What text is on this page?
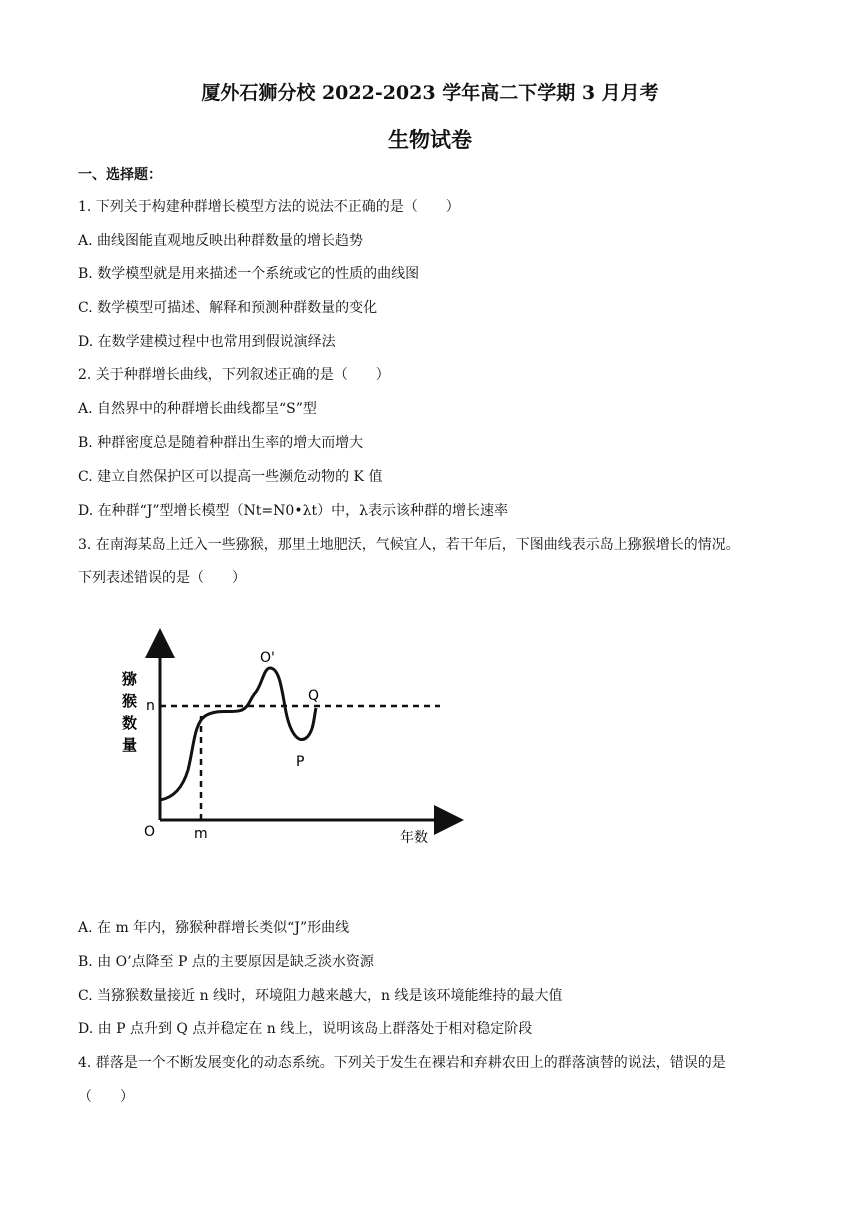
厦外石狮分校 2022-2023 学年高二下学期 3 月月考
生物试卷
一、选择题：
1. 下列关于构建种群增长模型方法的说法不正确的是（　　）
A. 曲线图能直观地反映出种群数量的增长趋势
B. 数学模型就是用来描述一个系统或它的性质的曲线图
C. 数学模型可描述、解释和预测种群数量的变化
D. 在数学建模过程中也常用到假说演绎法
2. 关于种群增长曲线，下列叙述正确的是（　　）
A. 自然界中的种群增长曲线都呈“S”型
B. 种群密度总是随着种群出生率的增大而增大
C. 建立自然保护区可以提高一些濒危动物的 K 值
D. 在种群“J”型增长模型（Nt=N0•λt）中，λ表示该种群的增长速率
3. 在南海某岛上迁入一些猕猴，那里土地肥沃，气候宜人，若干年后，下图曲线表示岛上猕猴增长的情况。
下列表述错误的是（　　）
O	m
n
O'
P
Q
年数
猕
猴
数
量
A. 在 m 年内，猕猴种群增长类似“J”形曲线
B. 由 O’点降至 P 点的主要原因是缺乏淡水资源
C. 当猕猴数量接近 n 线时，环境阻力越来越大，n 线是该环境能维持的最大值
D. 由 P 点升到 Q 点并稳定在 n 线上，说明该岛上群落处于相对稳定阶段
4. 群落是一个不断发展变化的动态系统。下列关于发生在裸岩和弃耕农田上的群落演替的说法，错误的是
（　　）
